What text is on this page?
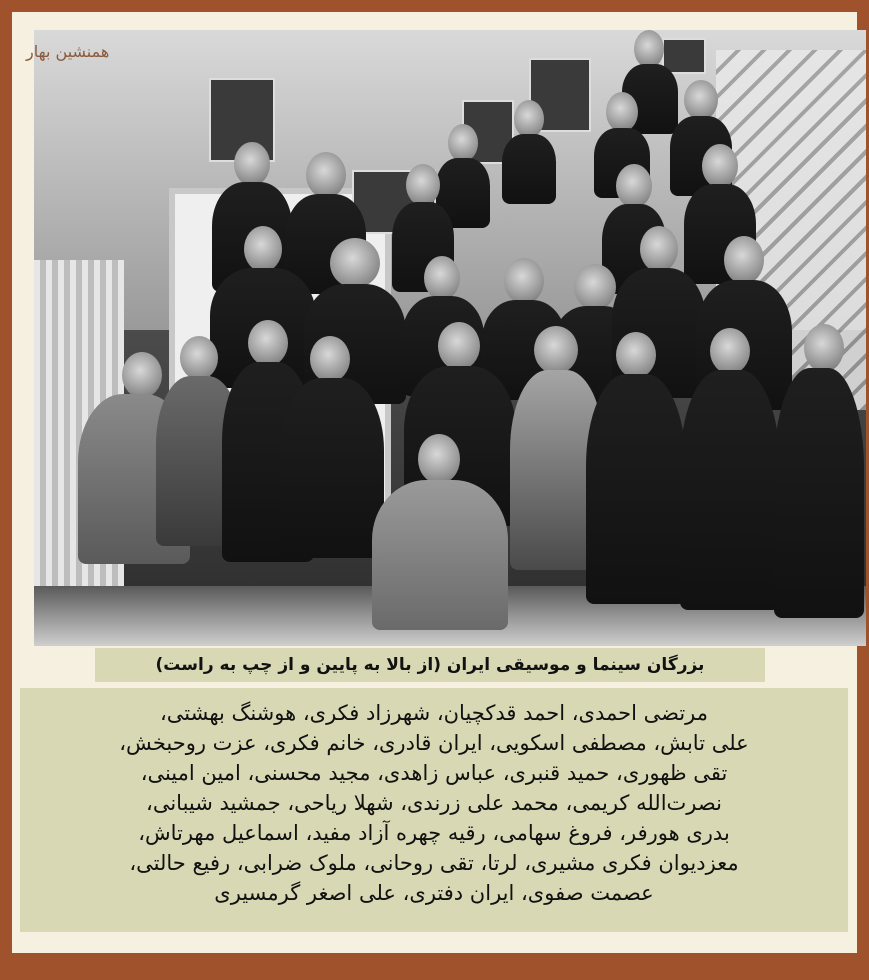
همنشین بهار
بزرگان سینما و موسیقی ایران (از بالا به پایین و از چپ به راست)
مرتضی احمدی، احمد قدکچیان، شهرزاد فکری، هوشنگ بهشتی،
علی تابش، مصطفی اسکویی، ایران قادری، خانم فکری، عزت روحبخش،
تقی ظهوری، حمید قنبری، عباس زاهدی، مجید محسنی، امین امینی،
نصرت‌الله کریمی، محمد علی زرندی، شهلا ریاحی، جمشید شیبانی،
بدری هورفر، فروغ سهامی، رقیه چهره آزاد مفید، اسماعیل مهرتاش،
معزدیوان فکری مشیری، لرتا، تقی روحانی، ملوک ضرابی، رفیع حالتی،
عصمت صفوی، ایران دفتری، علی اصغر گرمسیری
